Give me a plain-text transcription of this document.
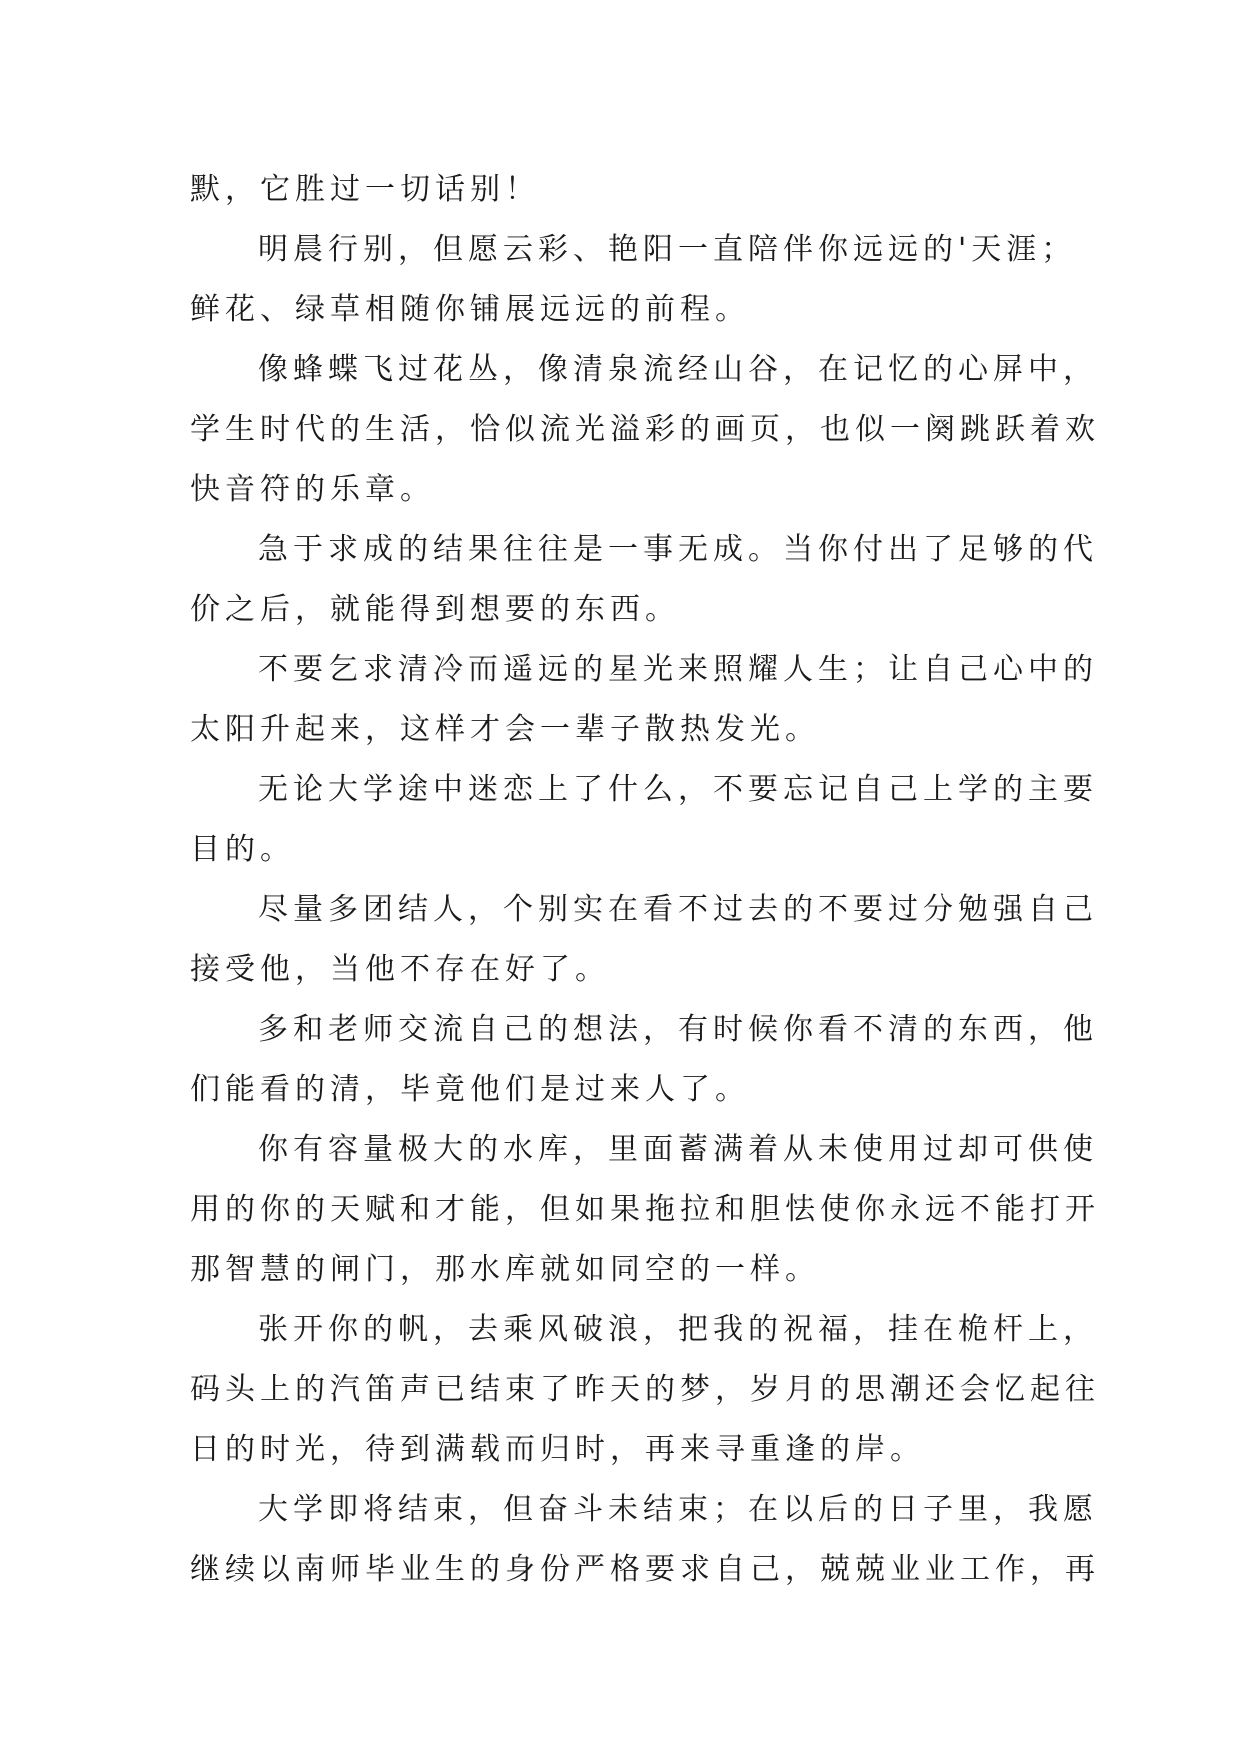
默，它胜过一切话别！
明晨行别，但愿云彩、艳阳一直陪伴你远远的'天涯；
鲜花、绿草相随你铺展远远的前程。
像蜂蝶飞过花丛，像清泉流经山谷，在记忆的心屏中，
学生时代的生活，恰似流光溢彩的画页，也似一阕跳跃着欢
快音符的乐章。
急于求成的结果往往是一事无成。当你付出了足够的代
价之后，就能得到想要的东西。
不要乞求清冷而遥远的星光来照耀人生；让自己心中的
太阳升起来，这样才会一辈子散热发光。
无论大学途中迷恋上了什么，不要忘记自己上学的主要
目的。
尽量多团结人，个别实在看不过去的不要过分勉强自己
接受他，当他不存在好了。
多和老师交流自己的想法，有时候你看不清的东西，他
们能看的清，毕竟他们是过来人了。
你有容量极大的水库，里面蓄满着从未使用过却可供使
用的你的天赋和才能，但如果拖拉和胆怯使你永远不能打开
那智慧的闸门，那水库就如同空的一样。
张开你的帆，去乘风破浪，把我的祝福，挂在桅杆上，
码头上的汽笛声已结束了昨天的梦，岁月的思潮还会忆起往
日的时光，待到满载而归时，再来寻重逢的岸。
大学即将结束，但奋斗未结束；在以后的日子里，我愿
继续以南师毕业生的身份严格要求自己，兢兢业业工作，再
